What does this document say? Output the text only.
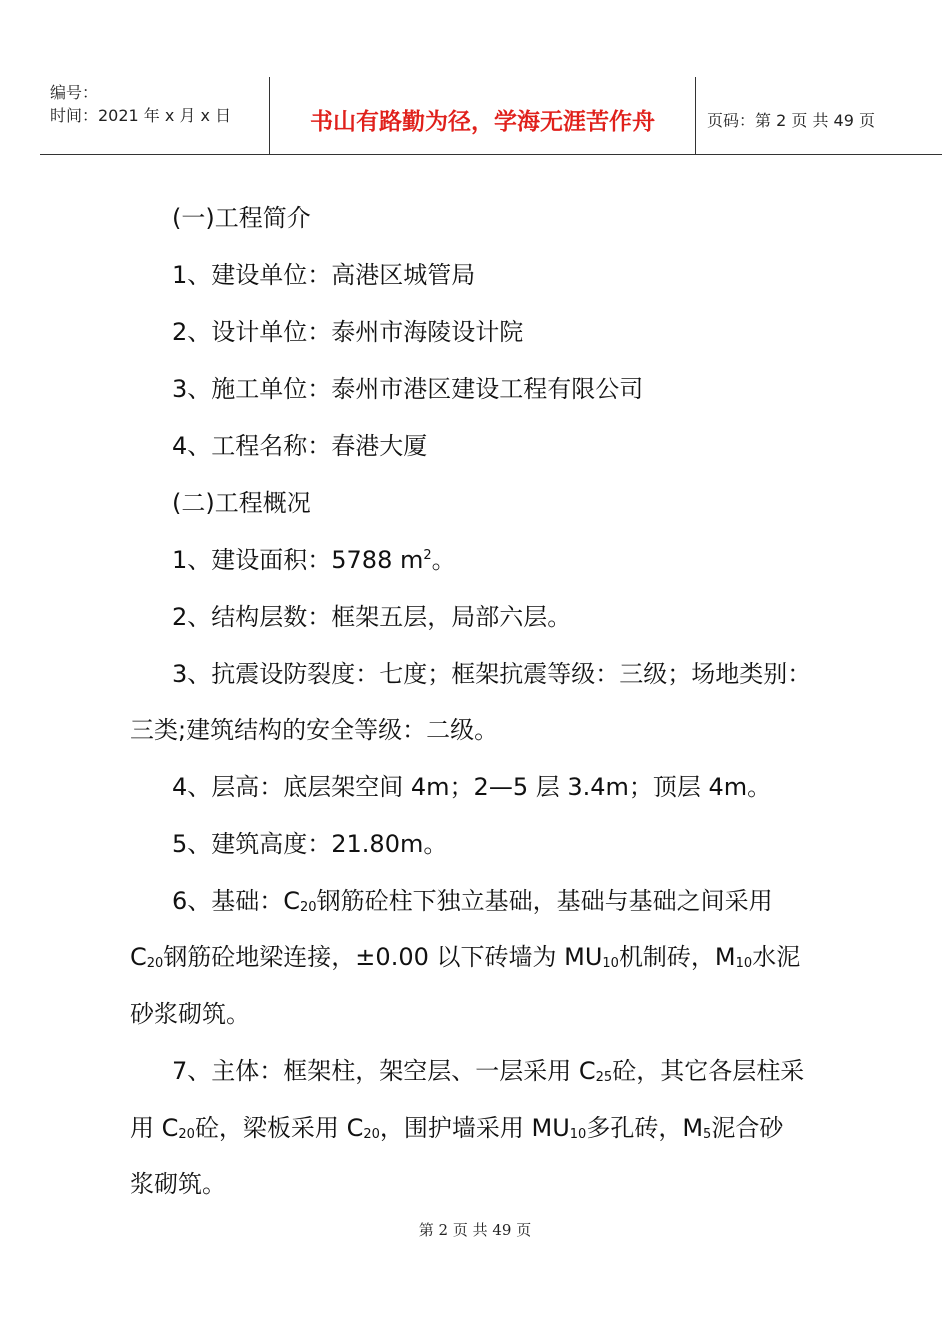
编号：
时间：2021 年 x 月 x 日	书山有路勤为径，学海无涯苦作舟	页码：第 2 页 共 49 页
(一)工程简介
1、建设单位：高港区城管局
2、设计单位：泰州市海陵设计院
3、施工单位：泰州市港区建设工程有限公司
4、工程名称：春港大厦
(二)工程概况
1、建设面积：5788 $m^2$。
2、结构层数：框架五层，局部六层。
3、抗震设防裂度：七度；框架抗震等级：三级；场地类别：
三类;建筑结构的安全等级：二级。
4、层高：底层架空间 4m；2—5 层 3.4m；顶层 4m。
5、建筑高度：21.80m。
6、基础：$C_{20}$钢筋砼柱下独立基础，基础与基础之间采用
$C_{20}$钢筋砼地梁连接，±0.00 以下砖墙为 $MU_{10}$机制砖，$M_{10}$水泥
砂浆砌筑。
7、主体：框架柱，架空层、一层采用 $C_{25}$砼，其它各层柱采
用 $C_{20}$砼，梁板采用 $C_{20}$，围护墙采用 $MU_{10}$多孔砖，$M_5$泥合砂
浆砌筑。
第 2 页 共 49 页
